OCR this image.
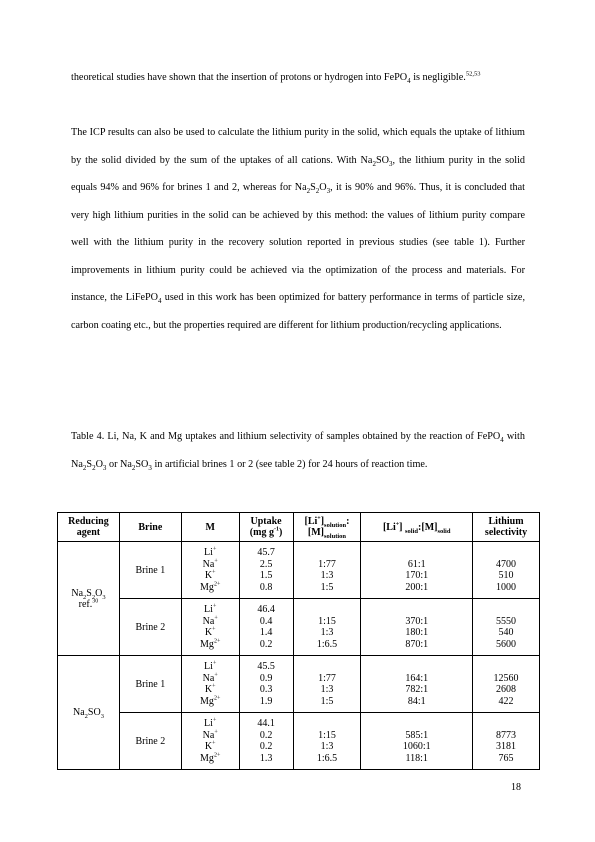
theoretical studies have shown that the insertion of protons or hydrogen into FePO$_4$ is negligible.$^{52,53}$
The ICP results can also be used to calculate the lithium purity in the solid, which equals the uptake of lithium by the solid divided by the sum of the uptakes of all cations. With $Na_2SO_3$, the lithium purity in the solid equals 94% and 96% for brines 1 and 2, whereas for $Na_2S_2O_3$, it is 90% and 96%. Thus, it is concluded that very high lithium purities in the solid can be achieved by this method: the values of lithium purity compare well with the lithium purity in the recovery solution reported in previous studies (see table 1). Further improvements in lithium purity could be achieved via the optimization of the process and materials. For instance, the LiFePO$_4$ used in this work has been optimized for battery performance in terms of particle size, carbon coating etc., but the properties required are different for lithium production/recycling applications.
Table 4. Li, Na, K and Mg uptakes and lithium selectivity of samples obtained by the reaction of FePO$_4$ with $Na_2S_2O_3$ or $Na_2SO_3$ in artificial brines 1 or 2 (see table 2) for 24 hours of reaction time.
Reducing agent	Brine	M	Uptake
(mg $g^{-1}$)	$[Li^+]_{solution}$:
$[M]_{solution}$	[Li+] $_{solid}:[M]_{solid}$	Lithium selectivity
$Na_2S_2O_3$
ref.$^{30}$	Brine 1	Li+
Na+
K+
$Mg^{2+}$	45.7
2.5
1.5
0.8	1:77
1:3
1:5	61:1
170:1
200:1	4700
510
1000

	Brine 2	Li+
Na+
K+
$Mg^{2+}$	46.4
0.4
1.4
0.2	1:15
1:3
1:6.5	370:1
180:1
870:1	5550
540
5600

$Na_2SO_3$	Brine 1	Li+
Na+
K+
$Mg^{2+}$	45.5
0.9
0.3
1.9	1:77
1:3
1:5	164:1
782:1
84:1	12560
2608
422

	Brine 2	Li+
Na+
K+
$Mg^{2+}$	44.1
0.2
0.2
1.3	1:15
1:3
1:6.5	585:1
1060:1
118:1	8773
3181
765
18
